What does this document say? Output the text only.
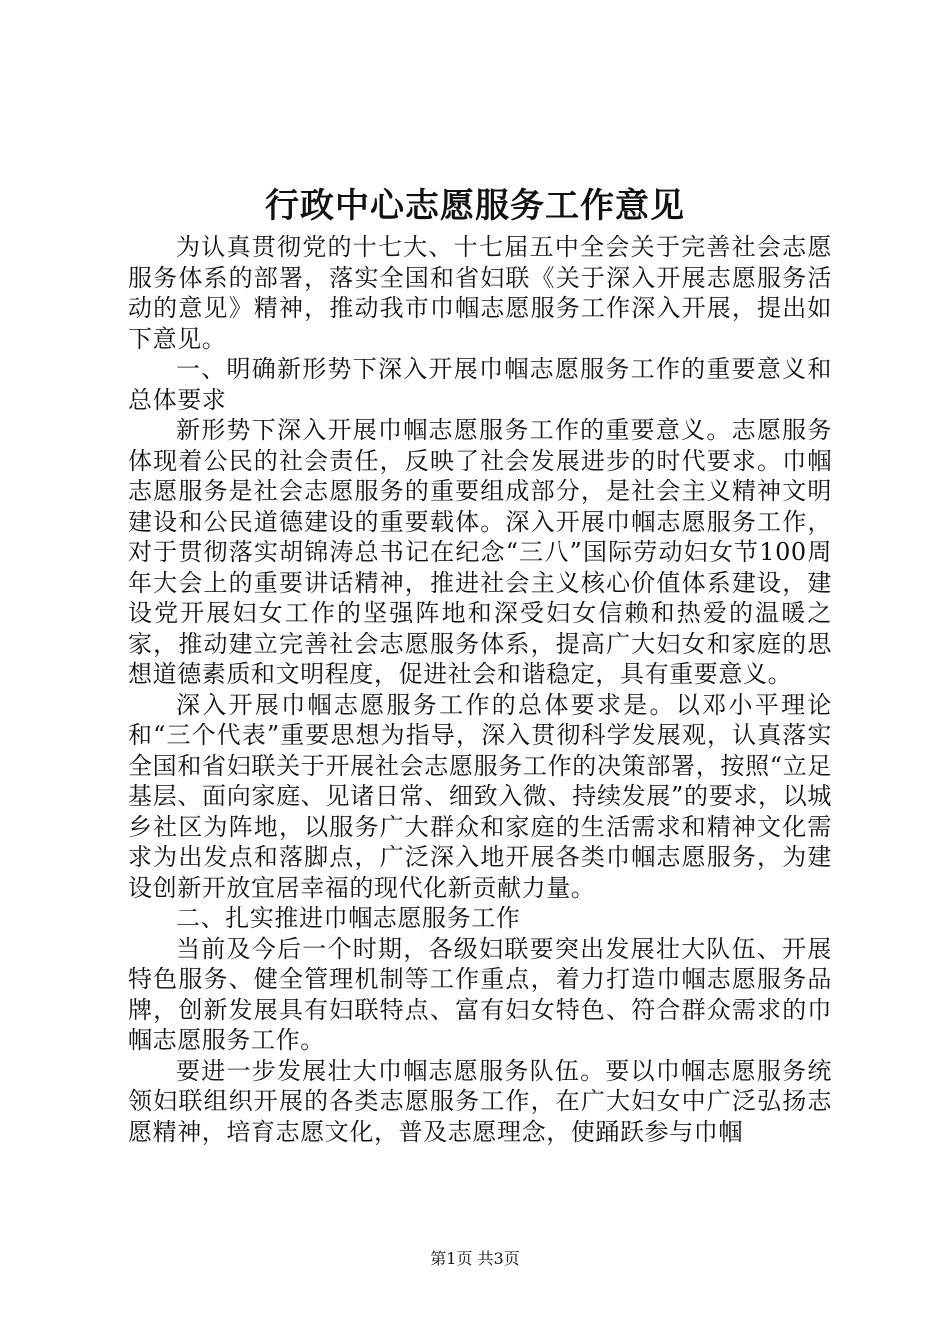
行政中心志愿服务工作意见

为认真贯彻党的十七大、十七届五中全会关于完善社会志愿服务体系的部署，落实全国和省妇联《关于深入开展志愿服务活动的意见》精神，推动我市巾帼志愿服务工作深入开展，提出如下意见。

一、明确新形势下深入开展巾帼志愿服务工作的重要意义和总体要求

新形势下深入开展巾帼志愿服务工作的重要意义。志愿服务体现着公民的社会责任，反映了社会发展进步的时代要求。巾帼志愿服务是社会志愿服务的重要组成部分，是社会主义精神文明建设和公民道德建设的重要载体。深入开展巾帼志愿服务工作，对于贯彻落实胡锦涛总书记在纪念“三八”国际劳动妇女节100周年大会上的重要讲话精神，推进社会主义核心价值体系建设，建设党开展妇女工作的坚强阵地和深受妇女信赖和热爱的温暖之家，推动建立完善社会志愿服务体系，提高广大妇女和家庭的思想道德素质和文明程度，促进社会和谐稳定，具有重要意义。

深入开展巾帼志愿服务工作的总体要求是。以邓小平理论和“三个代表”重要思想为指导，深入贯彻科学发展观，认真落实全国和省妇联关于开展社会志愿服务工作的决策部署，按照“立足基层、面向家庭、见诸日常、细致入微、持续发展”的要求，以城乡社区为阵地，以服务广大群众和家庭的生活需求和精神文化需求为出发点和落脚点，广泛深入地开展各类巾帼志愿服务，为建设创新开放宜居幸福的现代化新贡献力量。

二、扎实推进巾帼志愿服务工作

当前及今后一个时期，各级妇联要突出发展壮大队伍、开展特色服务、健全管理机制等工作重点，着力打造巾帼志愿服务品牌，创新发展具有妇联特点、富有妇女特色、符合群众需求的巾帼志愿服务工作。

要进一步发展壮大巾帼志愿服务队伍。要以巾帼志愿服务统领妇联组织开展的各类志愿服务工作，在广大妇女中广泛弘扬志愿精神，培育志愿文化，普及志愿理念，使踊跃参与巾帼

第1页 共3页
